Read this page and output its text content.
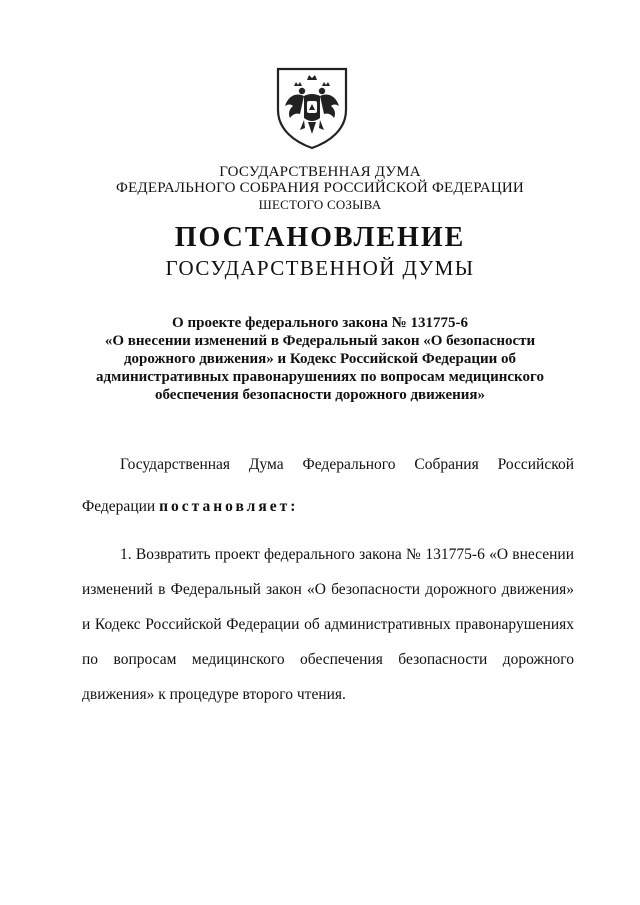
ГОСУДАРСТВЕННАЯ ДУМА
ФЕДЕРАЛЬНОГО СОБРАНИЯ РОССИЙСКОЙ ФЕДЕРАЦИИ
ШЕСТОГО СОЗЫВА
ПОСТАНОВЛЕНИЕ
ГОСУДАРСТВЕННОЙ ДУМЫ
О проекте федерального закона № 131775-6
«О внесении изменений в Федеральный закон «О безопасности
дорожного движения» и Кодекс Российской Федерации об
административных правонарушениях по вопросам медицинского
обеспечения безопасности дорожного движения»
Государственная Дума Федерального Собрания Российской
Федерации постановляет:
1. Возвратить проект федерального закона № 131775-6 «О внесении
изменений в Федеральный закон «О безопасности дорожного движения»
и Кодекс Российской Федерации об административных правонарушениях
по вопросам медицинского обеспечения безопасности дорожного
движения» к процедуре второго чтения.
